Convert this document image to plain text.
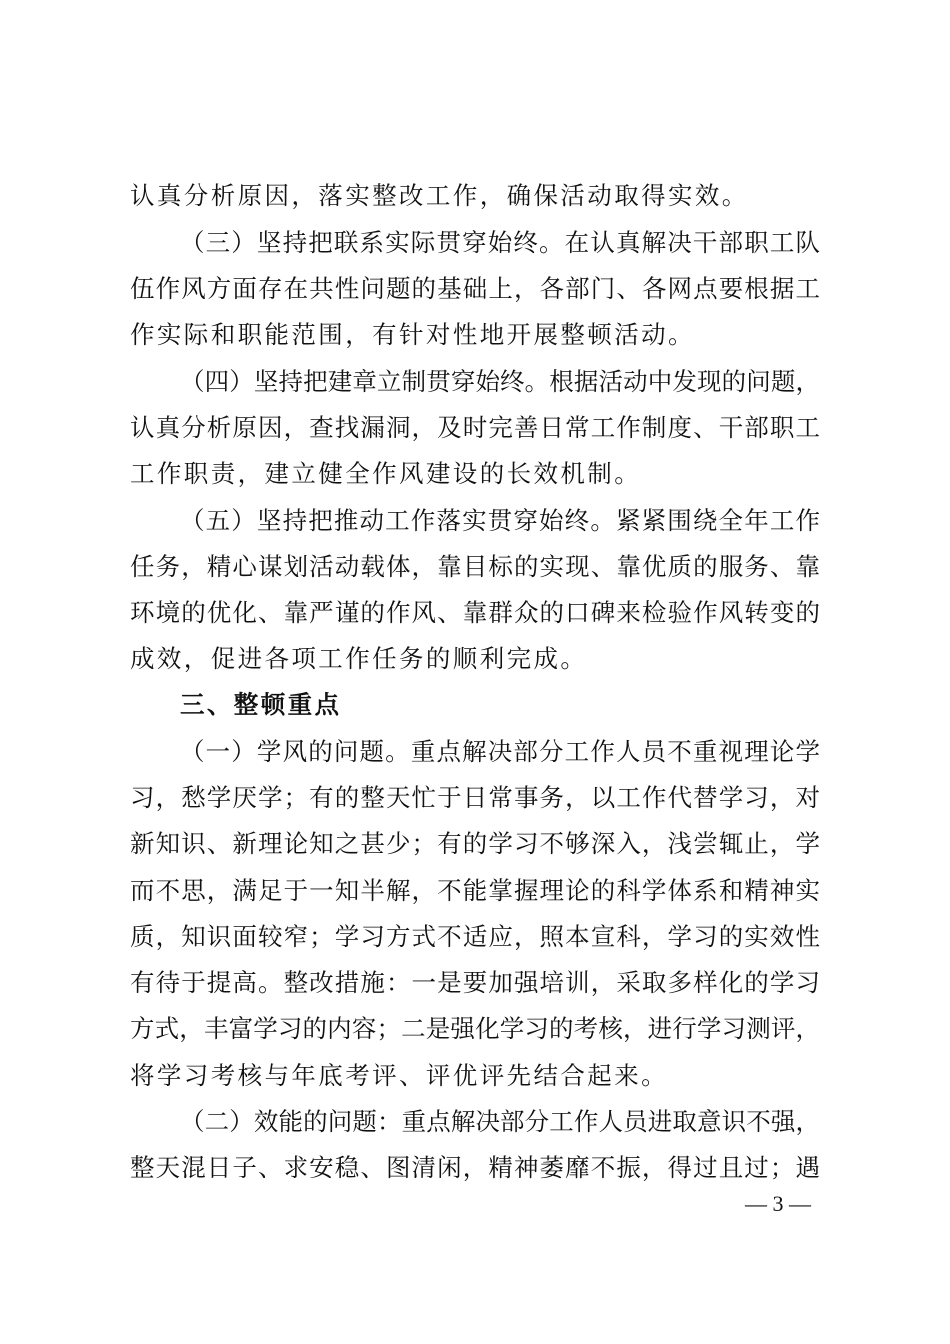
认真分析原因，落实整改工作，确保活动取得实效。
（三）坚持把联系实际贯穿始终。在认真解决干部职工队
伍作风方面存在共性问题的基础上，各部门、各网点要根据工
作实际和职能范围，有针对性地开展整顿活动。
（四）坚持把建章立制贯穿始终。根据活动中发现的问题，
认真分析原因，查找漏洞，及时完善日常工作制度、干部职工
工作职责，建立健全作风建设的长效机制。
（五）坚持把推动工作落实贯穿始终。紧紧围绕全年工作
任务，精心谋划活动载体，靠目标的实现、靠优质的服务、靠
环境的优化、靠严谨的作风、靠群众的口碑来检验作风转变的
成效，促进各项工作任务的顺利完成。
三、整顿重点
（一）学风的问题。重点解决部分工作人员不重视理论学
习，愁学厌学；有的整天忙于日常事务，以工作代替学习，对
新知识、新理论知之甚少；有的学习不够深入，浅尝辄止，学
而不思，满足于一知半解，不能掌握理论的科学体系和精神实
质，知识面较窄；学习方式不适应，照本宣科，学习的实效性
有待于提高。整改措施：一是要加强培训，采取多样化的学习
方式，丰富学习的内容；二是强化学习的考核，进行学习测评，
将学习考核与年底考评、评优评先结合起来。
（二）效能的问题：重点解决部分工作人员进取意识不强，
整天混日子、求安稳、图清闲，精神萎靡不振，得过且过；遇
— 3 —
